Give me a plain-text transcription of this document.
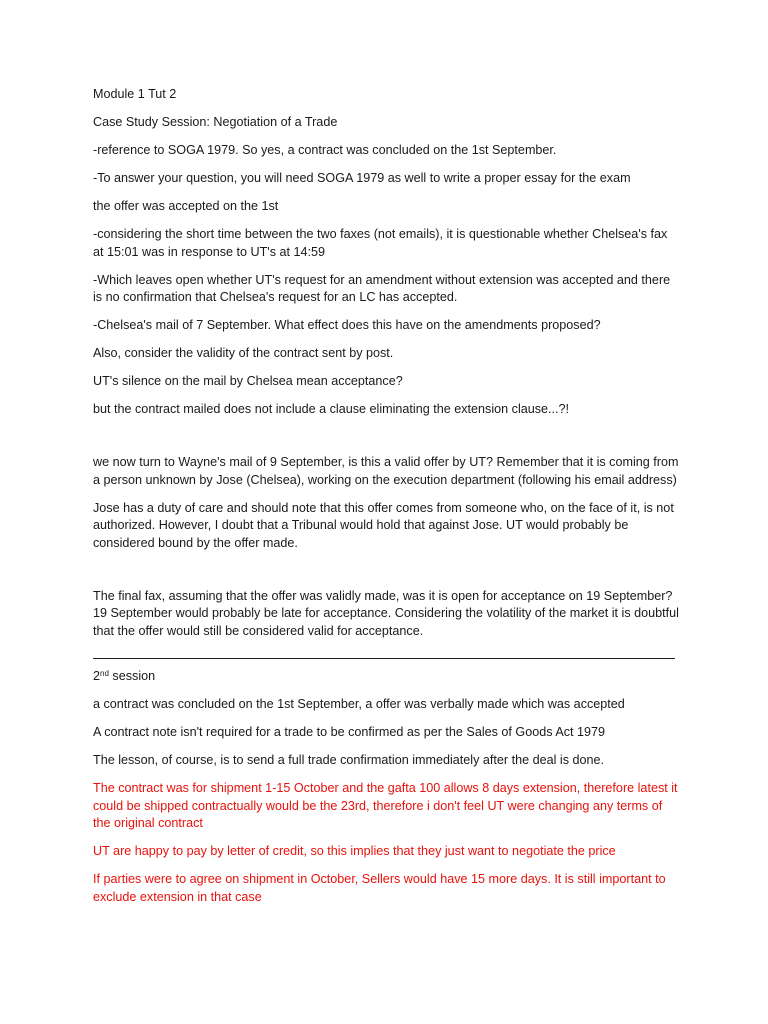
Module 1 Tut 2

Case Study Session: Negotiation of a Trade

-reference to SOGA 1979. So yes, a contract was concluded on the 1st September.

-To answer your question, you will need SOGA 1979 as well to write a proper essay for the exam

the offer was accepted on the 1st

-considering the short time between the two faxes (not emails), it is questionable whether Chelsea's fax at 15:01 was in response to UT's at 14:59

-Which leaves open whether UT's request for an amendment without extension was accepted and there is no confirmation that Chelsea's request for an LC has accepted.

-Chelsea's mail of 7 September. What effect does this have on the amendments proposed?

Also, consider the validity of the contract sent by post.

UT's silence on the mail by Chelsea mean acceptance?

but the contract mailed does not include a clause eliminating the extension clause...?!

we now turn to Wayne's mail of 9 September, is this a valid offer by UT? Remember that it is coming from a person unknown by Jose (Chelsea), working on the execution department (following his email address)

Jose has a duty of care and should note that this offer comes from someone who, on the face of it, is not authorized. However, I doubt that a Tribunal would hold that against Jose. UT would probably be considered bound by the offer made.

The final fax, assuming that the offer was validly made, was it is open for acceptance on 19 September? 19 September would probably be late for acceptance. Considering the volatility of the market it is doubtful that the offer would still be considered valid for acceptance.

2nd session

a contract was concluded on the 1st September, a offer was verbally made which was accepted

A contract note isn't required for a trade to be confirmed as per the Sales of Goods Act 1979

The lesson, of course, is to send a full trade confirmation immediately after the deal is done.

The contract was for shipment 1-15 October and the gafta 100 allows 8 days extension, therefore latest it could be shipped contractually would be the 23rd, therefore i don't feel UT were changing any terms of the original contract

UT are happy to pay by letter of credit, so this implies that they just want to negotiate the price

If parties were to agree on shipment in October, Sellers would have 15 more days. It is still important to exclude extension in that case
